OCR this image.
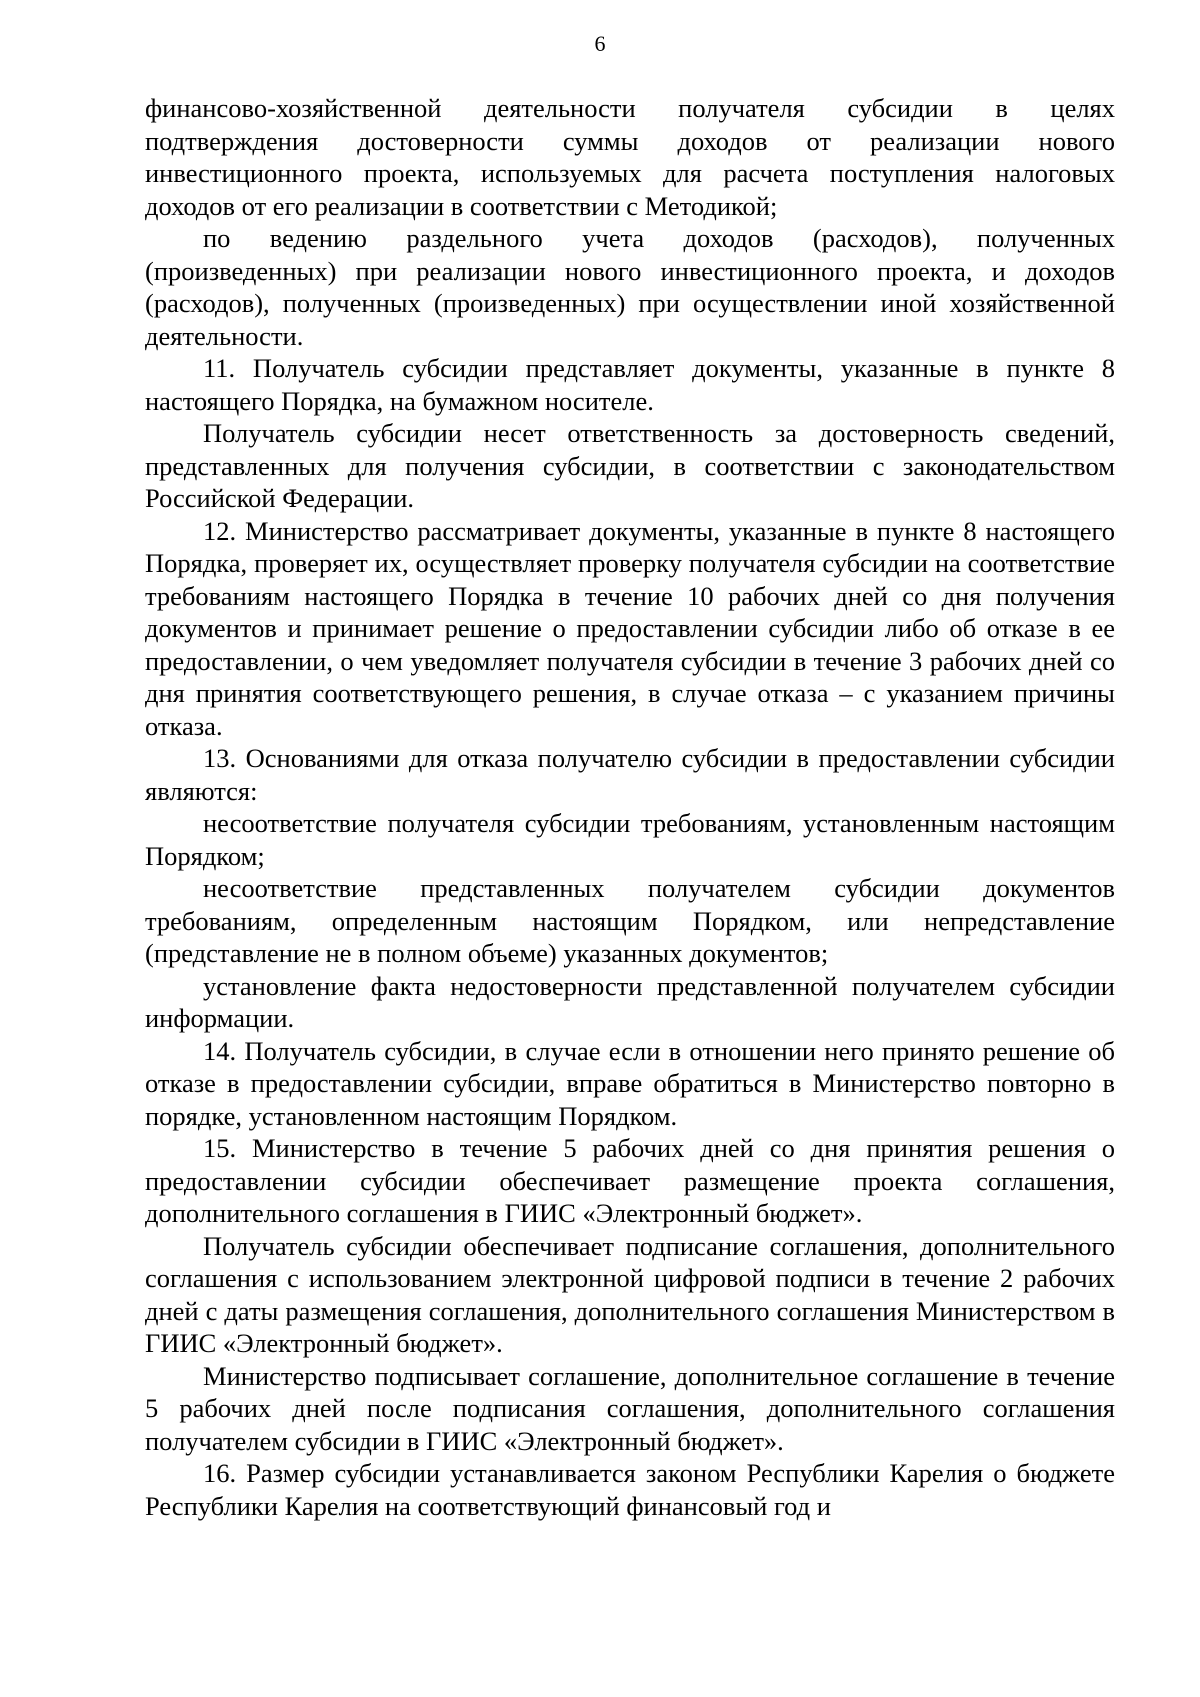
6

финансово-хозяйственной деятельности получателя субсидии в целях подтверждения достоверности суммы доходов от реализации нового инвестиционного проекта, используемых для расчета поступления налоговых доходов от его реализации в соответствии с Методикой;

по ведению раздельного учета доходов (расходов), полученных (произведенных) при реализации нового инвестиционного проекта, и доходов (расходов), полученных (произведенных) при осуществлении иной хозяйственной деятельности.

11. Получатель субсидии представляет документы, указанные в пункте 8 настоящего Порядка, на бумажном носителе.

Получатель субсидии несет ответственность за достоверность сведений, представленных для получения субсидии, в соответствии с законодательством Российской Федерации.

12. Министерство рассматривает документы, указанные в пункте 8 настоящего Порядка, проверяет их, осуществляет проверку получателя субсидии на соответствие требованиям настоящего Порядка в течение 10 рабочих дней со дня получения документов и принимает решение о предоставлении субсидии либо об отказе в ее предоставлении, о чем уведомляет получателя субсидии в течение 3 рабочих дней со дня принятия соответствующего решения, в случае отказа – с указанием причины отказа.

13. Основаниями для отказа получателю субсидии в предоставлении субсидии являются:

несоответствие получателя субсидии требованиям, установленным настоящим Порядком;

несоответствие представленных получателем субсидии документов требованиям, определенным настоящим Порядком, или непредставление (представление не в полном объеме) указанных документов;

установление факта недостоверности представленной получателем субсидии информации.

14. Получатель субсидии, в случае если в отношении него принято решение об отказе в предоставлении субсидии, вправе обратиться в Министерство повторно в порядке, установленном настоящим Порядком.

15. Министерство в течение 5 рабочих дней со дня принятия решения о предоставлении субсидии обеспечивает размещение проекта соглашения, дополнительного соглашения в ГИИС «Электронный бюджет».

Получатель субсидии обеспечивает подписание соглашения, дополнительного соглашения с использованием электронной цифровой подписи в течение 2 рабочих дней с даты размещения соглашения, дополнительного соглашения Министерством в ГИИС «Электронный бюджет».

Министерство подписывает соглашение, дополнительное соглашение в течение 5 рабочих дней после подписания соглашения, дополнительного соглашения получателем субсидии в ГИИС «Электронный бюджет».

16. Размер субсидии устанавливается законом Республики Карелия о бюджете Республики Карелия на соответствующий финансовый год и
